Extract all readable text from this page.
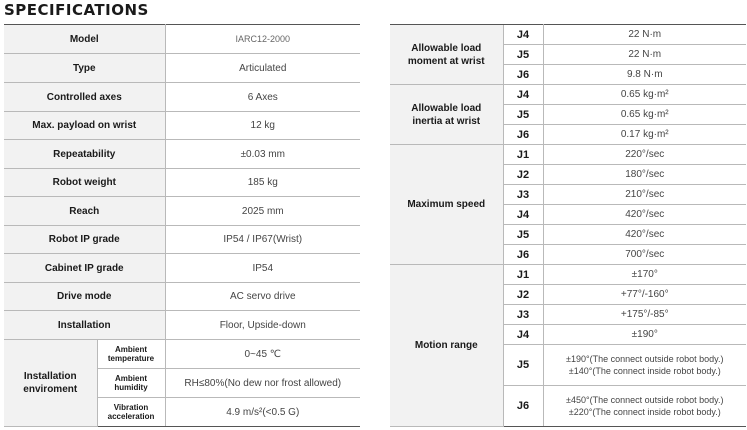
SPECIFICATIONS
Model		IARC12-2000
Type		Articulated
Controlled axes		6 Axes
Max. payload on wrist		12 kg
Repeatability		±0.03 mm
Robot weight		185 kg
Reach		2025 mm
Robot IP grade		IP54 / IP67(Wrist)
Cabinet IP grade		IP54
Drive mode		AC servo drive
Installation		Floor, Upside-down
Installation enviroment	Ambient temperature	0~45 ℃
	Ambient humidity	RH≤80%(No dew nor frost allowed)
	Vibration acceleration	4.9 m/s²(<0.5 G)
Allowable load moment at wrist	J4	22 N·m
	J5	22 N·m
	J6	9.8 N·m
Allowable load inertia at wrist	J4	0.65 kg·m²
	J5	0.65 kg·m²
	J6	0.17 kg·m²
Maximum speed	J1	220°/sec
	J2	180°/sec
	J3	210°/sec
	J4	420°/sec
	J5	420°/sec
	J6	700°/sec
Motion range	J1	±170°
	J2	+77°/-160°
	J3	+175°/-85°
	J4	±190°
	J5	±190°(The connect outside robot body.)
±140°(The connect inside robot body.)

	J6	±450°(The connect outside robot body.)
±220°(The connect inside robot body.)
